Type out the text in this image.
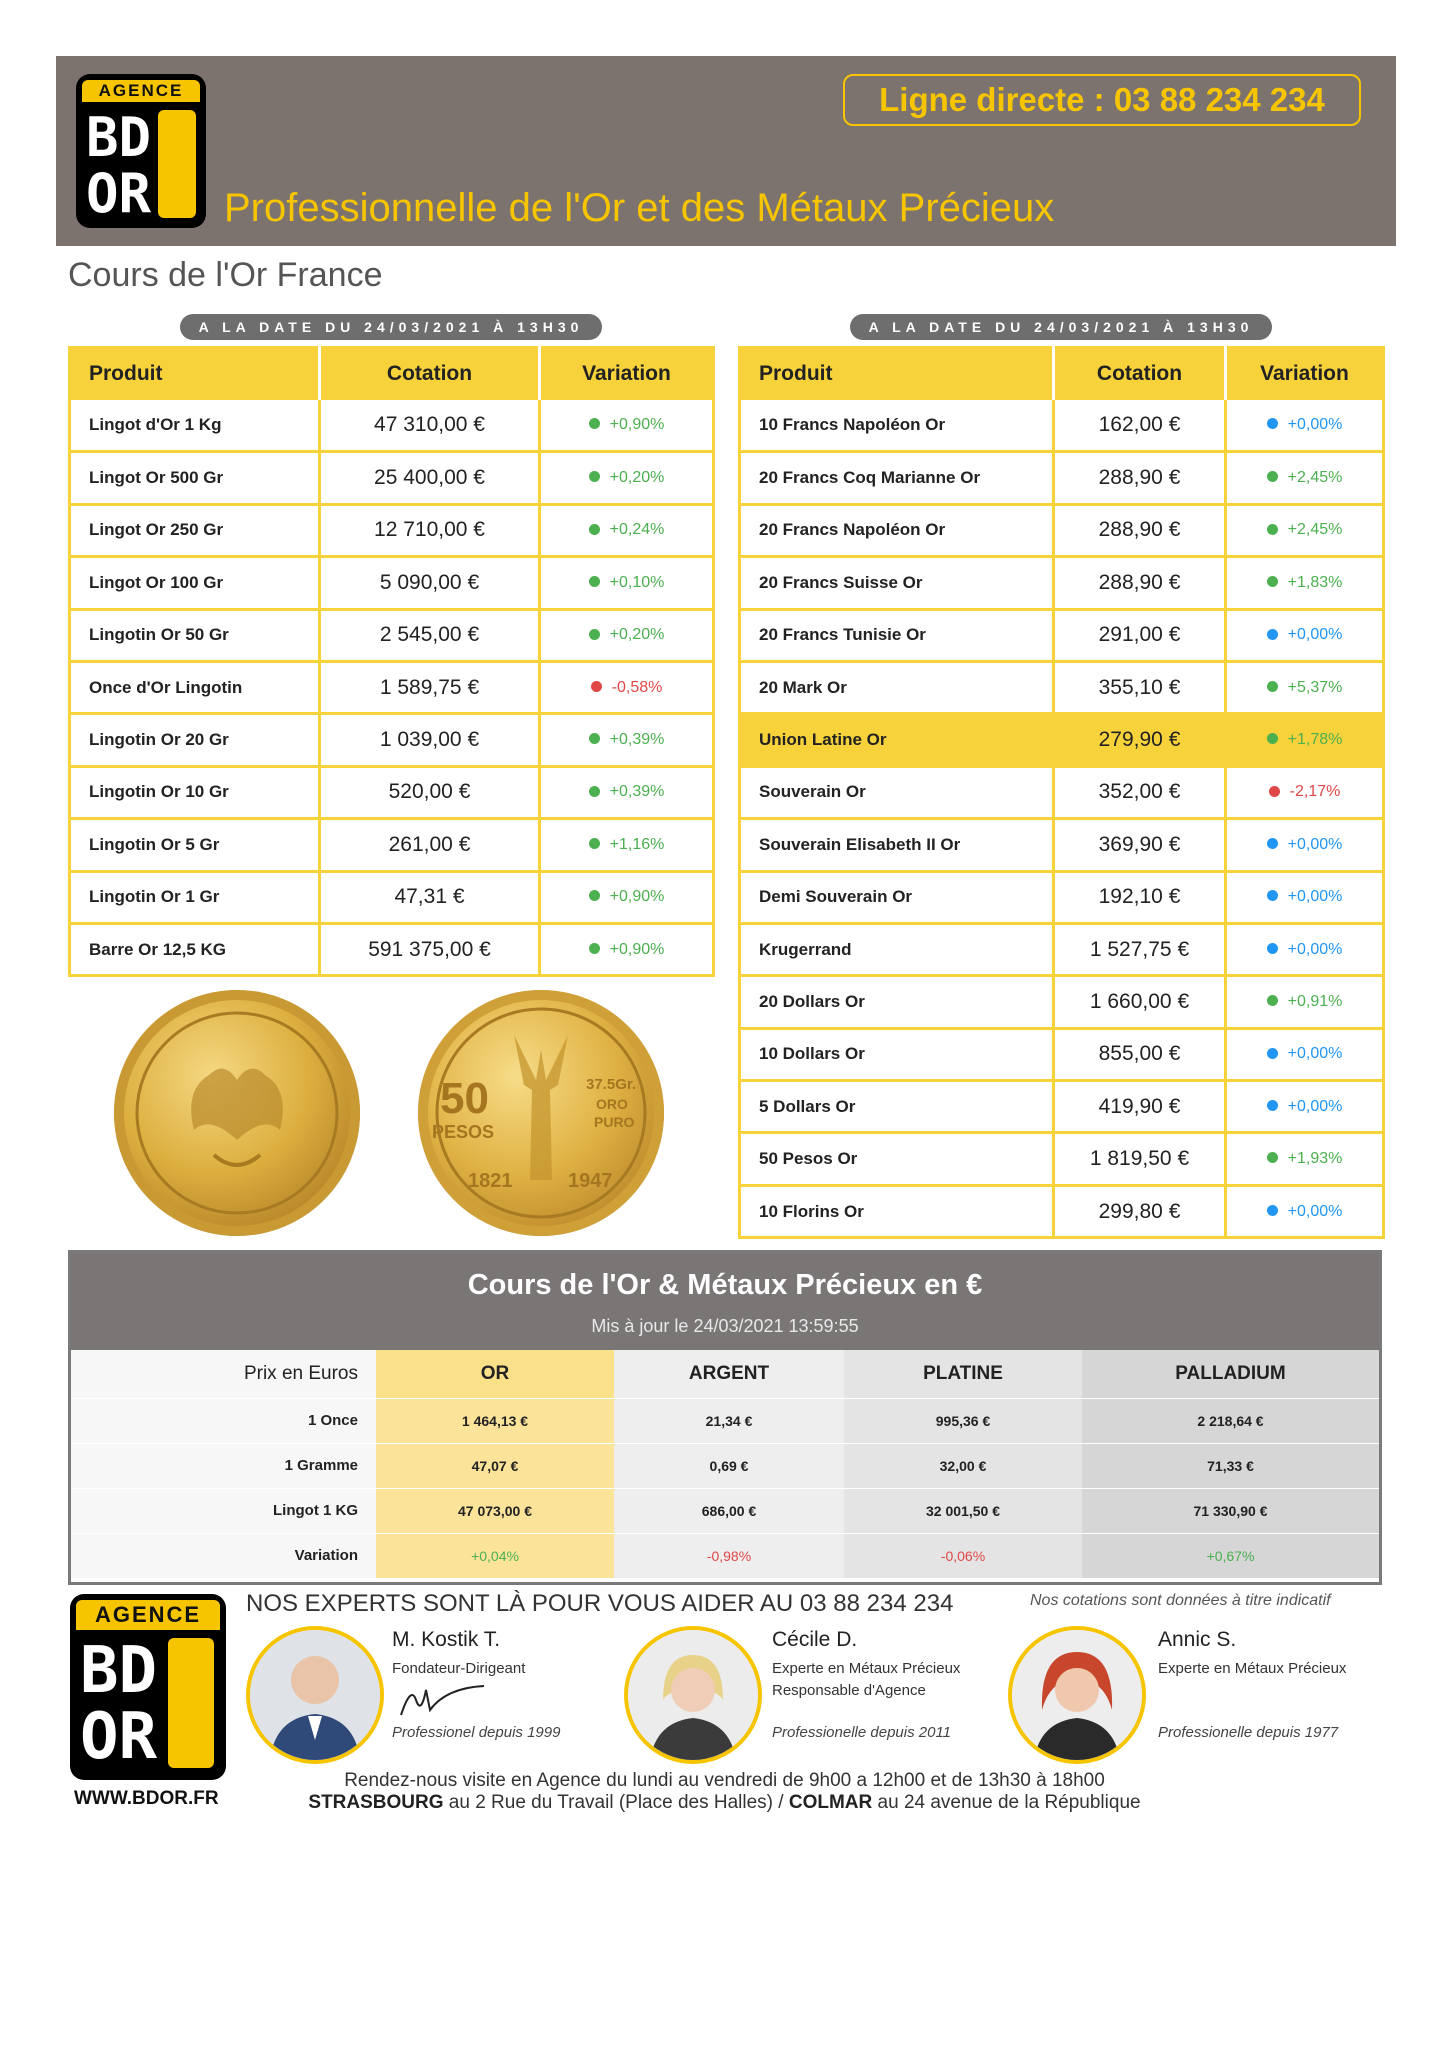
AGENCE
BD
OR
Ligne directe : 03 88 234 234
Professionnelle de l'Or et des Métaux Précieux
Cours de l'Or France
A LA DATE DU 24/03/2021 À 13H30	A LA DATE DU 24/03/2021 À 13H30
Produit	Cotation	Variation
Lingot d'Or 1 Kg	47 310,00 €	+0,90%
Lingot Or 500 Gr	25 400,00 €	+0,20%
Lingot Or 250 Gr	12 710,00 €	+0,24%
Lingot Or 100 Gr	5 090,00 €	+0,10%
Lingotin Or 50 Gr	2 545,00 €	+0,20%
Once d'Or Lingotin	1 589,75 €	-0,58%
Lingotin Or 20 Gr	1 039,00 €	+0,39%
Lingotin Or 10 Gr	520,00 €	+0,39%
Lingotin Or 5 Gr	261,00 €	+1,16%
Lingotin Or 1 Gr	47,31 €	+0,90%
Barre Or 12,5 KG	591 375,00 €	+0,90%
Produit	Cotation	Variation
10 Francs Napoléon Or	162,00 €	+0,00%
20 Francs Coq Marianne Or	288,90 €	+2,45%
20 Francs Napoléon Or	288,90 €	+2,45%
20 Francs Suisse Or	288,90 €	+1,83%
20 Francs Tunisie Or	291,00 €	+0,00%
20 Mark Or	355,10 €	+5,37%
Union Latine Or	279,90 €	+1,78%
Souverain Or	352,00 €	-2,17%
Souverain Elisabeth II Or	369,90 €	+0,00%
Demi Souverain Or	192,10 €	+0,00%
Krugerrand	1 527,75 €	+0,00%
20 Dollars Or	1 660,00 €	+0,91%
10 Dollars Or	855,00 €	+0,00%
5 Dollars Or	419,90 €	+0,00%
50 Pesos Or	1 819,50 €	+1,93%
10 Florins Or	299,80 €	+0,00%
50
PESOS
37.5Gr.
ORO
PURO
1821	1947
Cours de l'Or & Métaux Précieux en €
Mis à jour le 24/03/2021 13:59:55
Prix en Euros	OR	ARGENT	PLATINE	PALLADIUM
1 Once	1 464,13 €	21,34 €	995,36 €	2 218,64 €
1 Gramme	47,07 €	0,69 €	32,00 €	71,33 €
Lingot 1 KG	47 073,00 €	686,00 €	32 001,50 €	71 330,90 €
Variation	+0,04%	-0,98%	-0,06%	+0,67%
AGENCE
BD
OR
WWW.BDOR.FR
NOS EXPERTS SONT LÀ POUR VOUS AIDER AU 03 88 234 234	Nos cotations sont données à titre indicatif
M. Kostik T.
Fondateur-Dirigeant
Professionel depuis 1999
Cécile D.
Experte en Métaux Précieux
Responsable d'Agence
Professionelle depuis 2011
Annic S.
Experte en Métaux Précieux
Professionelle depuis 1977
Rendez-nous visite en Agence du lundi au vendredi de 9h00 a 12h00 et de 13h30 à 18h00
STRASBOURG au 2 Rue du Travail (Place des Halles) / COLMAR au 24 avenue de la République
